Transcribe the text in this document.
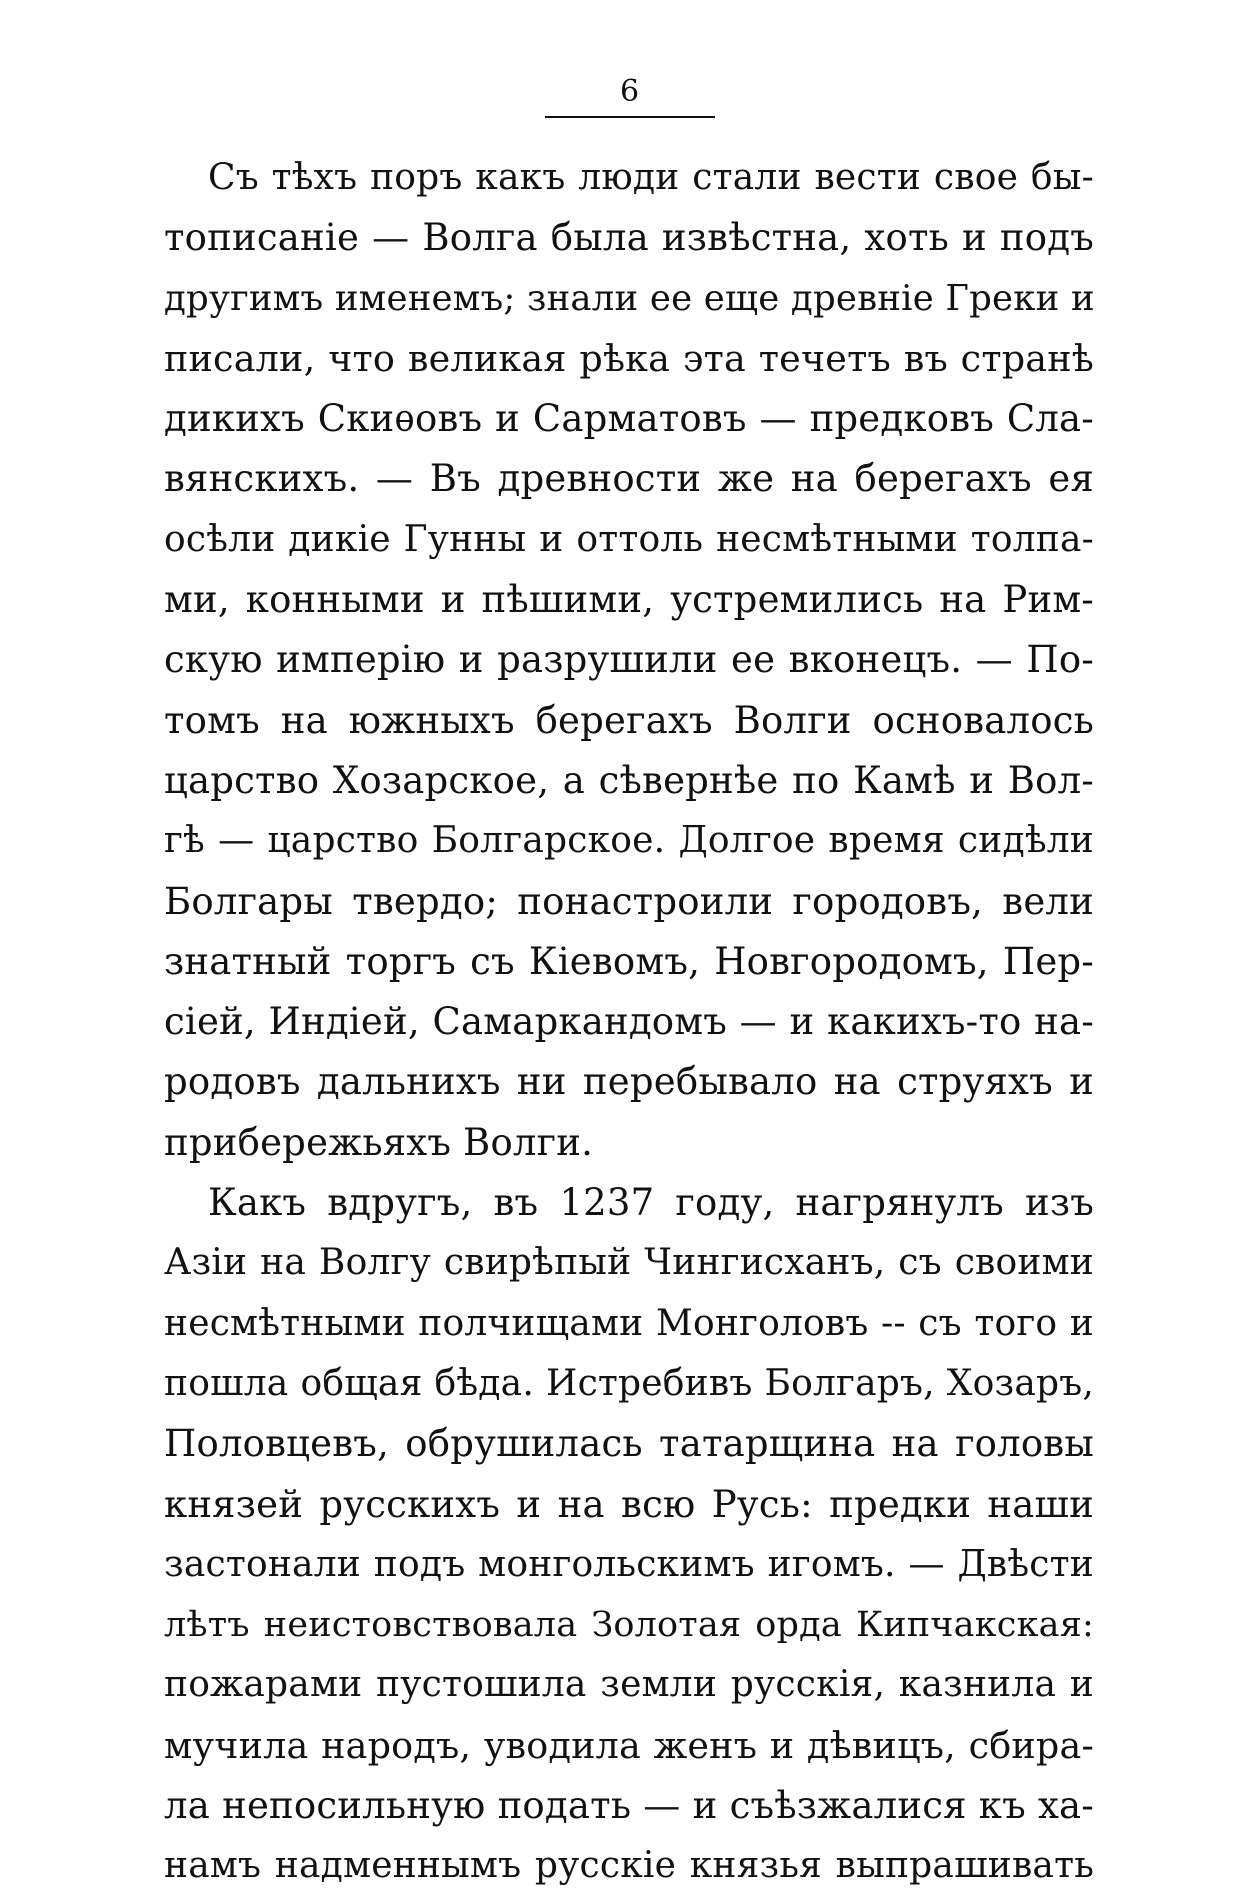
6
Съ тѣхъ поръ какъ люди стали вести свое бы-
тописаніе — Волга была извѣстна, хоть и подъ
другимъ именемъ; знали ее еще древніе Греки и
писали, что великая рѣка эта течетъ въ странѣ
дикихъ Скиѳовъ и Сарматовъ — предковъ Сла-
вянскихъ. — Въ древности же на берегахъ ея
осѣли дикіе Гунны и оттоль несмѣтными толпа-
ми, конными и пѣшими, устремились на Рим-
скую имперію и разрушили ее вконецъ. — По-
томъ на южныхъ берегахъ Волги основалось
царство Хозарское, а сѣвернѣе по Камѣ и Вол-
гѣ — царство Болгарское. Долгое время сидѣли
Болгары твердо; понастроили городовъ, вели
знатный торгъ съ Кіевомъ, Новгородомъ, Пер-
сіей, Индіей, Самаркандомъ — и какихъ-то на-
родовъ дальнихъ ни перебывало на струяхъ и
прибережьяхъ Волги.
Какъ вдругъ, въ 1237 году, нагрянулъ изъ
Азіи на Волгу свирѣпый Чингисханъ, съ своими
несмѣтными полчищами Монголовъ -- съ того и
пошла общая бѣда. Истребивъ Болгаръ, Хозаръ,
Половцевъ, обрушилась татарщина на головы
князей русскихъ и на всю Русь: предки наши
застонали подъ монгольскимъ игомъ. — Двѣсти
лѣтъ неистовствовала Золотая орда Кипчакская:
пожарами пустошила земли русскія, казнила и
мучила народъ, уводила женъ и дѣвицъ, сбира-
ла непосильную подать — и съѣзжалися къ ха-
намъ надменнымъ русскіе князья выпрашивать
